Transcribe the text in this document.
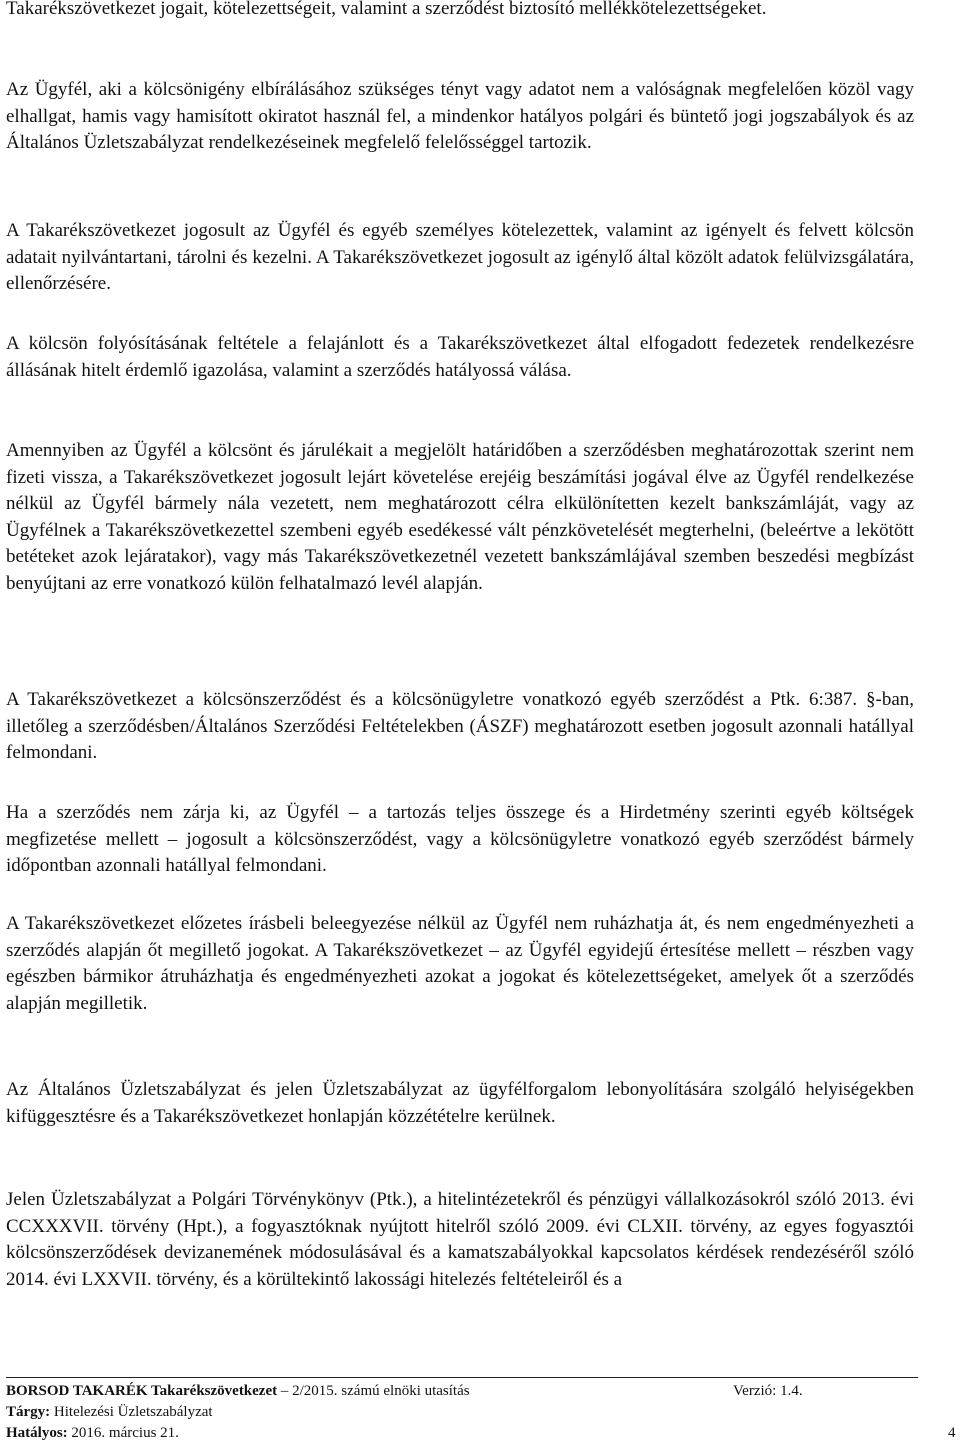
Takarékszövetkezet jogait, kötelezettségeit, valamint a szerződést biztosító mellékkötelezettségeket.

Az Ügyfél, aki a kölcsönigény elbírálásához szükséges tényt vagy adatot nem a valóságnak megfelelően közöl vagy elhallgat, hamis vagy hamisított okiratot használ fel, a mindenkor hatályos polgári és büntető jogi jogszabályok és az Általános Üzletszabályzat rendelkezéseinek megfelelő felelősséggel tartozik.

A Takarékszövetkezet jogosult az Ügyfél és egyéb személyes kötelezettek, valamint az igényelt és felvett kölcsön adatait nyilvántartani, tárolni és kezelni. A Takarékszövetkezet jogosult az igénylő által közölt adatok felülvizsgálatára, ellenőrzésére.

A kölcsön folyósításának feltétele a felajánlott és a Takarékszövetkezet által elfogadott fedezetek rendelkezésre állásának hitelt érdemlő igazolása, valamint a szerződés hatályossá válása.

Amennyiben az Ügyfél a kölcsönt és járulékait a megjelölt határidőben a szerződésben meghatározottak szerint nem fizeti vissza, a Takarékszövetkezet jogosult lejárt követelése erejéig beszámítási jogával élve az Ügyfél rendelkezése nélkül az Ügyfél bármely nála vezetett, nem meghatározott célra elkülönítetten kezelt bankszámláját, vagy az Ügyfélnek a Takarékszövetkezettel szembeni egyéb esedékessé vált pénzkövetelését megterhelni, (beleértve a lekötött betéteket azok lejáratakor), vagy más Takarékszövetkezetnél vezetett bankszámlájával szemben beszedési megbízást benyújtani az erre vonatkozó külön felhatalmazó levél alapján.

A Takarékszövetkezet a kölcsönszerződést és a kölcsönügyletre vonatkozó egyéb szerződést a Ptk. 6:387. §-ban, illetőleg a szerződésben/Általános Szerződési Feltételekben (ÁSZF) meghatározott esetben jogosult azonnali hatállyal felmondani.

Ha a szerződés nem zárja ki, az Ügyfél – a tartozás teljes összege és a Hirdetmény szerinti egyéb költségek megfizetése mellett – jogosult a kölcsönszerződést, vagy a kölcsönügyletre vonatkozó egyéb szerződést bármely időpontban azonnali hatállyal felmondani.

A Takarékszövetkezet előzetes írásbeli beleegyezése nélkül az Ügyfél nem ruházhatja át, és nem engedményezheti a szerződés alapján őt megillető jogokat. A Takarékszövetkezet – az Ügyfél egyidejű értesítése mellett – részben vagy egészben bármikor átruházhatja és engedményezheti azokat a jogokat és kötelezettségeket, amelyek őt a szerződés alapján megilletik.

Az Általános Üzletszabályzat és jelen Üzletszabályzat az ügyfélforgalom lebonyolítására szolgáló helyiségekben kifüggesztésre és a Takarékszövetkezet honlapján közzétételre kerülnek.

Jelen Üzletszabályzat a Polgári Törvénykönyv (Ptk.), a hitelintézetekről és pénzügyi vállalkozásokról szóló 2013. évi CCXXXVII. törvény (Hpt.), a fogyasztóknak nyújtott hitelről szóló 2009. évi CLXII. törvény, az egyes fogyasztói kölcsönszerződések devizanemének módosulásával és a kamatszabályokkal kapcsolatos kérdések rendezéséről szóló 2014. évi LXXVII. törvény, és a körültekintő lakossági hitelezés feltételeiről és a

BORSOD TAKARÉK Takarékszövetkezet – 2/2015. számú elnöki utasítás	Verzió: 1.4.
Tárgy: Hitelezési Üzletszabályzat
Hatályos: 2016. március 21.	4
